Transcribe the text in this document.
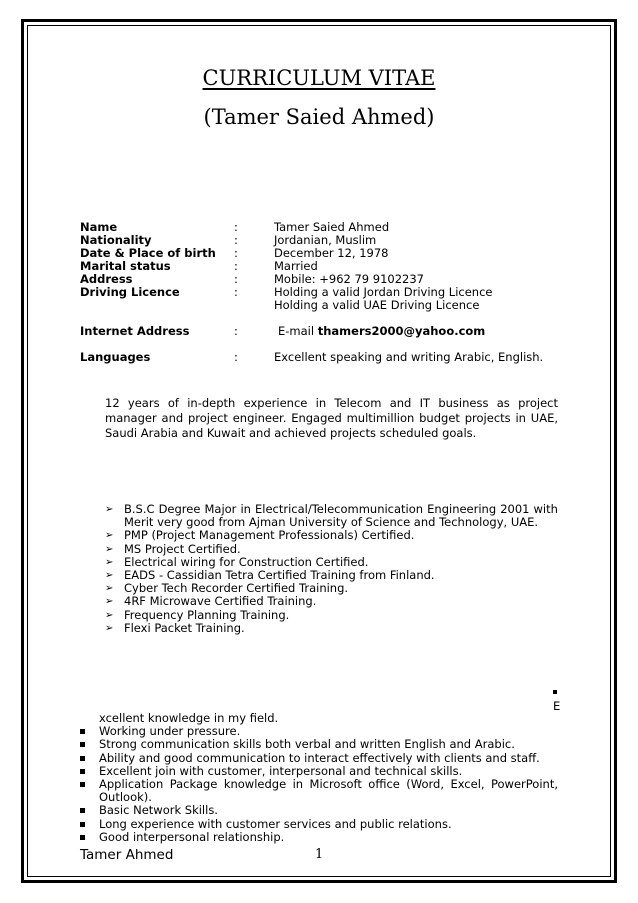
CURRICULUM VITAE
(Tamer Saied Ahmed)
Name	:	Tamer Saied Ahmed
Nationality	:	Jordanian, Muslim
Date & Place of birth :	December 12, 1978
Marital status	:	Married
Address	:	Mobile: +962 79 9102237
Driving Licence	:	Holding a valid Jordan Driving Licence
Holding a valid UAE Driving Licence
Internet Address	:	E-mail thamers2000@yahoo.com
Languages	:	Excellent speaking and writing Arabic, English.
12 years of in-depth experience in Telecom and IT business as project manager and project engineer. Engaged multimillion budget projects in UAE, Saudi Arabia and Kuwait and achieved projects scheduled goals.
➢ B.S.C Degree Major in Electrical/Telecommunication Engineering 2001 with
Merit very good from Ajman University of Science and Technology, UAE.
➢ PMP (Project Management Professionals) Certified.
➢ MS Project Certified.
➢ Electrical wiring for Construction Certified.
➢ EADS - Cassidian Tetra Certified Training from Finland.
➢ Cyber Tech Recorder Certified Training.
➢ 4RF Microwave Certified Training.
➢ Frequency Planning Training.
➢ Flexi Packet Training.
E
xcellent knowledge in my field.
Working under pressure.
Strong communication skills both verbal and written English and Arabic.
Ability and good communication to interact effectively with clients and staff.
Excellent join with customer, interpersonal and technical skills.
Application Package knowledge in Microsoft office (Word, Excel, PowerPoint,
Outlook).
Basic Network Skills.
Long experience with customer services and public relations.
Good interpersonal relationship.
Tamer Ahmed	1
